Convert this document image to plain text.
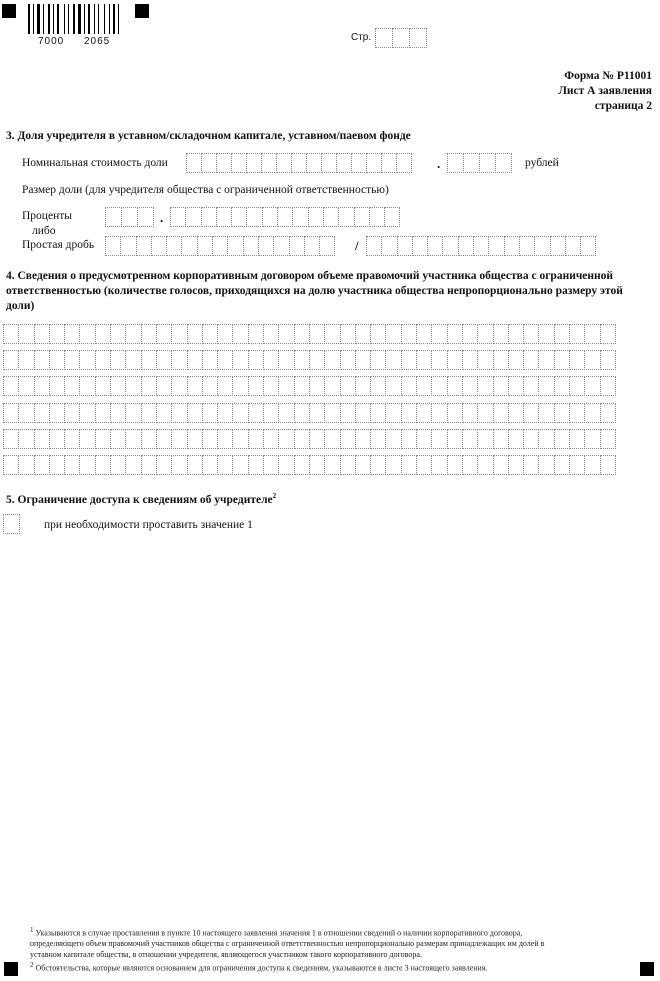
7000 2065	Стр.
Форма № Р11001
Лист А заявления
страница 2
3. Доля учредителя в уставном/складочном капитале, уставном/паевом фонде
Номинальная стоимость доли	.	рублей
Размер доли (для учредителя общества с ограниченной ответственностью)
Проценты	.
либо
Простая дробь	/
4. Сведения о предусмотренном корпоративным договором объеме правомочий участника общества с ограниченной
ответственностью (количестве голосов, приходящихся на долю участника общества непропорционально размеру этой
доли)
5. Ограничение доступа к сведениям об учредителе$^2$
при необходимости проставить значение 1
$^1$ Указываются в случае проставления в пункте 10 настоящего заявления значения 1 в отношении сведений о наличии корпоративного договора,
определяющего объем правомочий участников общества с ограниченной ответственностью непропорционально размерам принадлежащих им долей в
уставном капитале общества, в отношении учредителя, являющегося участником такого корпоративного договора.
$^2$ Обстоятельства, которые являются основанием для ограничения доступа к сведениям, указываются в листе 3 настоящего заявления.
